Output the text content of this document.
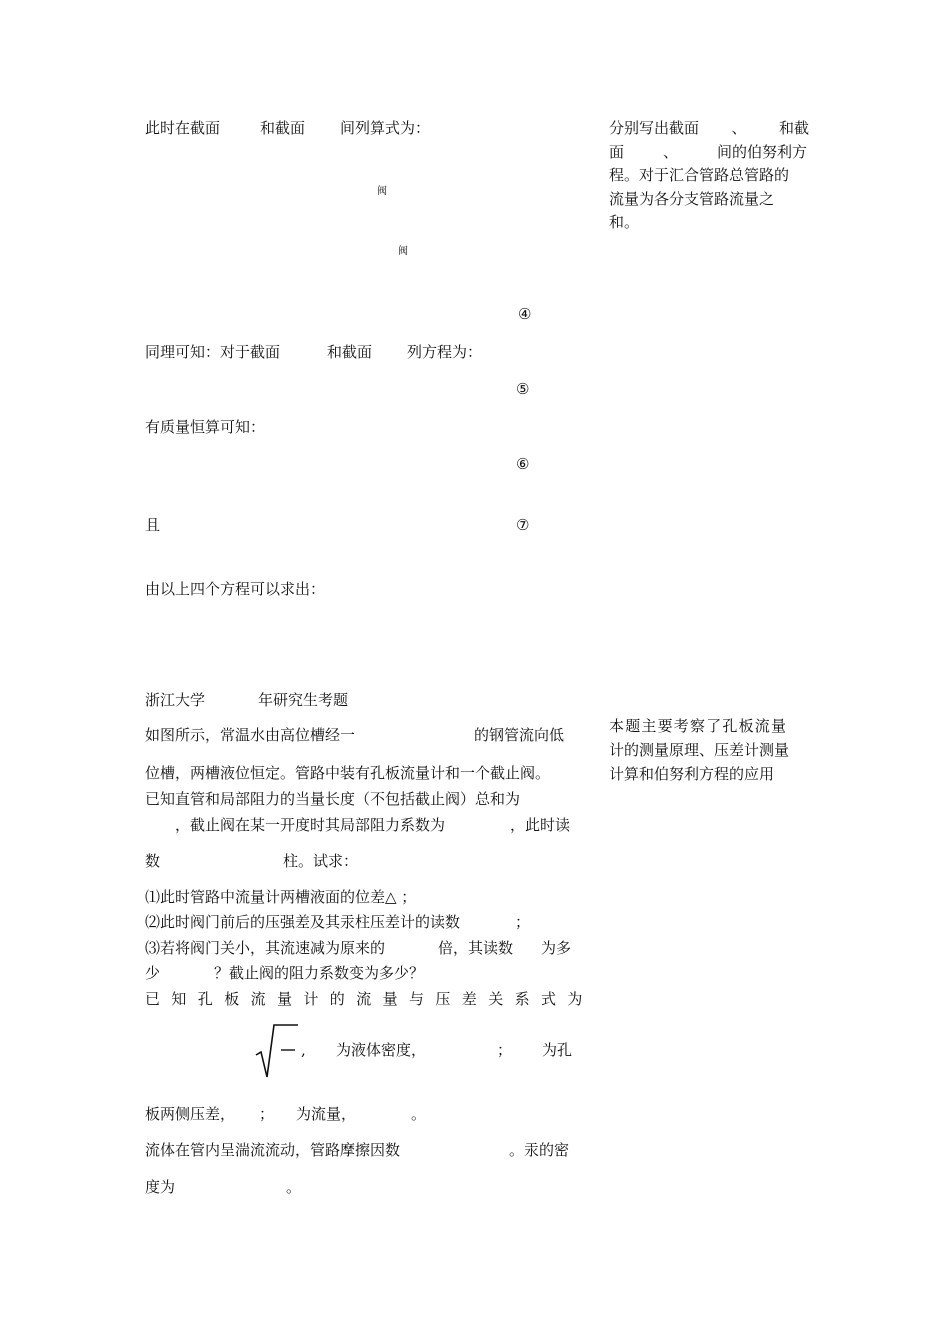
此时在截面	和截面 间列算式为：
阀
阀
④
同理可知：对于截面	和截面 列方程为：
⑤
有质量恒算可知：
⑥
且	⑦
由以上四个方程可以求出：
分别写出截面 、 和截
面	、	间的伯努利方
程。对于汇合管路总管路的
流量为各分支管路流量之
和。
浙江大学	年研究生考题
如图所示，常温水由高位槽经一	的钢管流向低
位槽，两槽液位恒定。管路中装有孔板流量计和一个截止阀。
已知直管和局部阻力的当量长度（不包括截止阀）总和为
，截止阀在某一开度时其局部阻力系数为	，此时读
数	柱。试求：
⑴此时管路中流量计两槽液面的位差△ ；
⑵此时阀门前后的压强差及其汞柱压差计的读数	；
⑶若将阀门关小，其流速减为原来的	倍，其读数 为多
少	？截止阀的阻力系数变为多少？
已知孔板流量计的流量与压差关系式为
, 为液体密度，	； 为孔
板两侧压差， ； 为流量，	。
流体在管内呈湍流流动，管路摩擦因数	。汞的密
度为	。
本题主要考察了孔板流量
计的测量原理、压差计测量
计算和伯努利方程的应用
